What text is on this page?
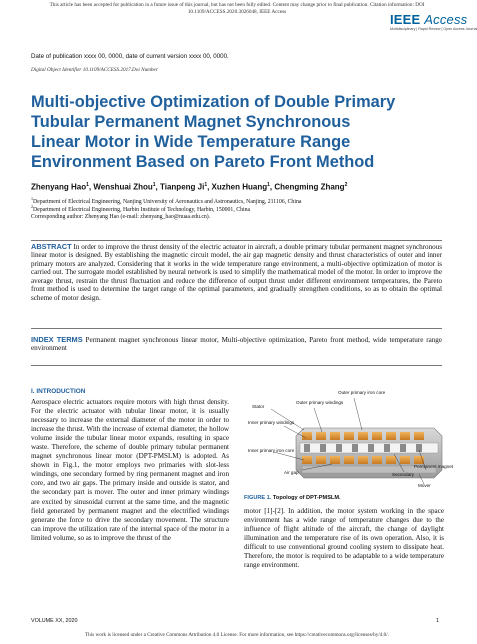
This article has been accepted for publication in a future issue of this journal, but has not been fully edited. Content may change prior to final publication. Citation information: DOI
10.1109/ACCESS.2020.3026048, IEEE Access	IEEE Access
Multidisciplinary | Rapid Review | Open Access Journal
Date of publication xxxx 00, 0000, date of current version xxxx 00, 0000.
Digital Object Identifier 10.1109/ACCESS.2017.Doi Number
Multi-objective Optimization of Double Primary
Tubular Permanent Magnet Synchronous
Linear Motor in Wide Temperature Range
Environment Based on Pareto Front Method
Zhenyang Hao$^1$, Wenshuai Zhou$^1$, Tianpeng Ji$^1$, Xuzhen Huang$^1$, Chengming Zhang$^2$
$^1$Department of Electrical Engineering, Nanjing University of Aeronautics and Astronautics, Nanjing, 211106, China
$^2$Department of Electrical Engineering, Harbin Institute of Technology, Harbin, 150001, China
Corresponding author: Zhenyang Hao (e-mail: zhenyang_hao@nuaa.edu.cn).
ABSTRACT In order to improve the thrust density of the electric actuator in aircraft, a double primary tubular permanent magnet synchronous linear motor is designed. By establishing the magnetic circuit model, the air gap magnetic density and thrust characteristics of outer and inner primary motors are analyzed. Considering that it works in the wide temperature range environment, a multi-objective optimization of motor is carried out. The surrogate model established by neural network is used to simplify the mathematical model of the motor. In order to improve the average thrust, restrain the thrust fluctuation and reduce the difference of output thrust under different environment temperatures, the Pareto front method is used to determine the target range of the optimal parameters, and gradually strengthen conditions, so as to obtain the optimal scheme of motor design.
INDEX TERMS Permanent magnet synchronous linear motor, Multi-objective optimization, Pareto front method, wide temperature range environment
I. INTRODUCTION
Aerospace electric actuators require motors with high thrust density. For the electric actuator with tubular linear motor, it is usually necessary to increase the external diameter of the motor in order to increase the thrust. With the increase of external diameter, the hollow volume inside the tubular linear motor expands, resulting in space waste. Therefore, the scheme of double primary tubular permanent magnet synchronous linear motor (DPT-PMSLM) is adopted. As shown in Fig.1, the motor employs two primaries with slot-less windings, one secondary formed by ring permanent magnet and iron core, and two air gaps. The primary inside and outside is stator, and the secondary part is mover. The outer and inner primary windings are excited by sinusoidal current at the same time, and the magnetic field generated by permanent magnet and the electrified windings generate the force to drive the secondary movement. The structure can improve the utilization rate of the internal space of the motor in a limited volume, so as to improve the thrust of the
Stator
Outer primary windings
Outer primary iron core
Inner primary windings
Inner primary iron core
Air gap	Secondary
Permanent magnet
Mover
FIGURE 1. Topology of DPT-PMSLM.
motor [1]-[2]. In addition, the motor system working in the space environment has a wide range of temperature changes due to the influence of flight altitude of the aircraft, the change of daylight illumination and the temperature rise of its own operation. Also, it is difficult to use conventional ground cooling system to dissipate heat. Therefore, the motor is required to be adaptable to a wide temperature range environment.
VOLUME XX, 2020	1
This work is licensed under a Creative Commons Attribution 4.0 License. For more information, see https://creativecommons.org/licenses/by/4.0/.
